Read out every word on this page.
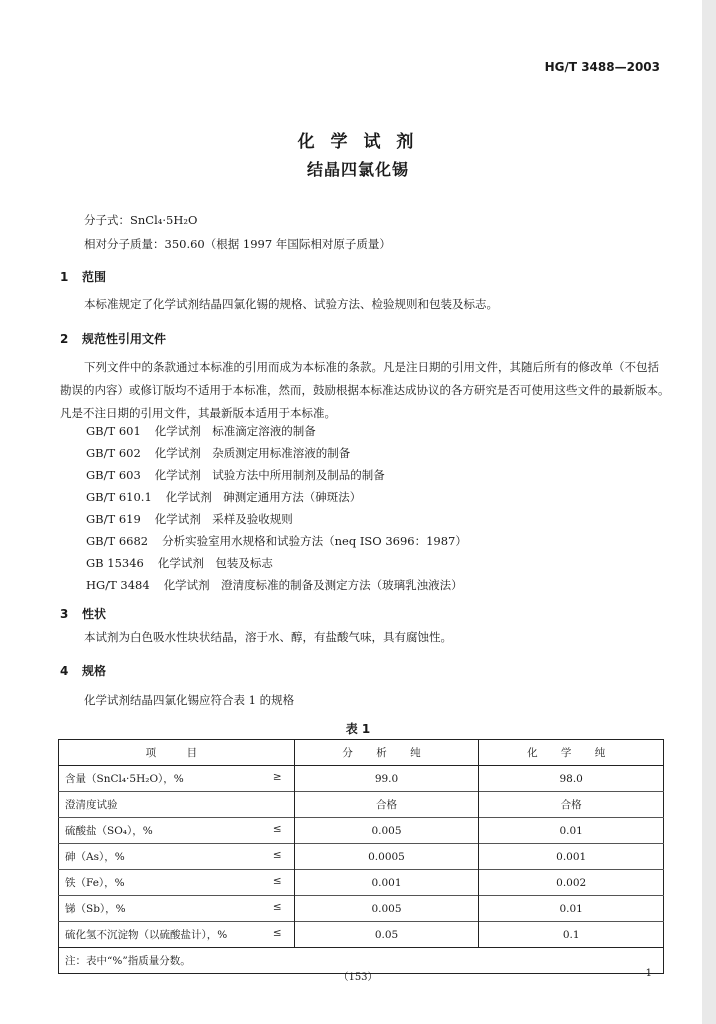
HG/T 3488—2003
化 学 试 剂
结晶四氯化锡
分子式：SnCl₄·5H₂O
相对分子质量：350.60（根据 1997 年国际相对原子质量）
1 范围
本标准规定了化学试剂结晶四氯化锡的规格、试验方法、检验规则和包装及标志。
2 规范性引用文件
下列文件中的条款通过本标准的引用而成为本标准的条款。凡是注日期的引用文件，其随后所有的修改单（不包括勘误的内容）或修订版均不适用于本标准，然而，鼓励根据本标准达成协议的各方研究是否可使用这些文件的最新版本。凡是不注日期的引用文件，其最新版本适用于本标准。
GB/T 601 化学试剂　标准滴定溶液的制备
GB/T 602 化学试剂　杂质测定用标准溶液的制备
GB/T 603 化学试剂　试验方法中所用制剂及制品的制备
GB/T 610.1 化学试剂　砷测定通用方法（砷斑法）
GB/T 619 化学试剂　采样及验收规则
GB/T 6682 分析实验室用水规格和试验方法（neq ISO 3696：1987）
GB 15346 化学试剂　包装及标志
HG/T 3484 化学试剂　澄清度标准的制备及测定方法（玻璃乳浊液法）
3 性状
本试剂为白色吸水性块状结晶，溶于水、醇，有盐酸气味，具有腐蚀性。
4 规格
化学试剂结晶四氯化锡应符合表 1 的规格
表 1
项　目	分 析 纯	化 学 纯
含量（SnCl₄·5H₂O），% ≥	99.0	98.0
澄清度试验	合格	合格
硫酸盐（SO₄），% ≤	0.005	0.01
砷（As），% ≤	0.0005	0.001
铁（Fe），% ≤	0.001	0.002
锑（Sb），% ≤	0.005	0.01
硫化氢不沉淀物（以硫酸盐计），% ≤	0.05	0.1
注：表中“%”指质量分数。		
（153）	1
